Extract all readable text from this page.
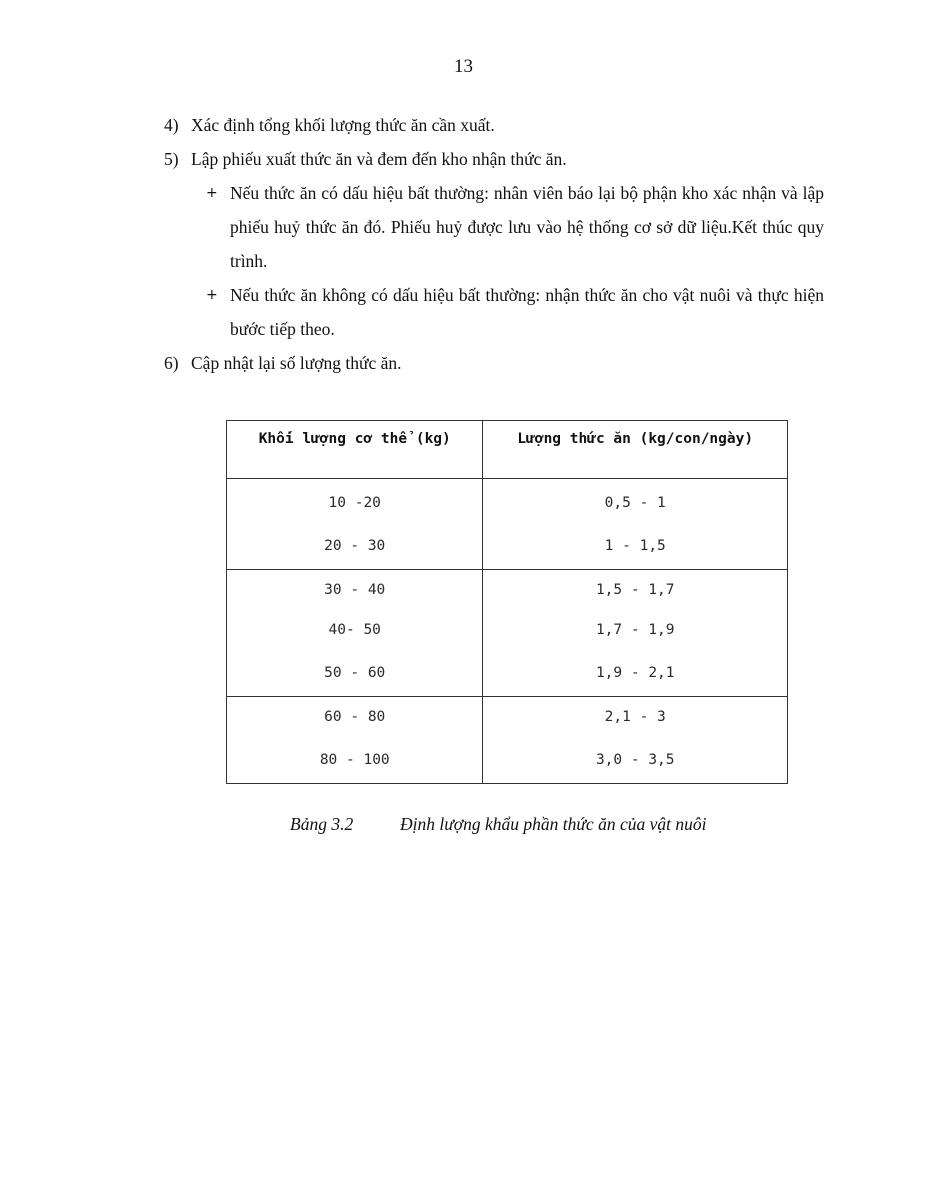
13
4) Xác định tổng khối lượng thức ăn cần xuất.
5) Lập phiếu xuất thức ăn và đem đến kho nhận thức ăn.
+ Nếu thức ăn có dấu hiệu bất thường: nhân viên báo lại bộ phận kho xác nhận và lập phiếu huỷ thức ăn đó. Phiếu huỷ được lưu vào hệ thống cơ sở dữ liệu.Kết thúc quy trình.
+ Nếu thức ăn không có dấu hiệu bất thường: nhận thức ăn cho vật nuôi và thực hiện bước tiếp theo.
6) Cập nhật lại số lượng thức ăn.
Khối lượng cơ thể (kg)	Lượng thức ăn (kg/con/ngày)
10 -20	0,5 - 1
20 - 30	1 - 1,5
30 - 40	1,5 - 1,7
40- 50	1,7 - 1,9
50 - 60	1,9 - 2,1
60 - 80	2,1 - 3
80 - 100	3,0 - 3,5
Bảng 3.2	Định lượng khẩu phần thức ăn của vật nuôi
